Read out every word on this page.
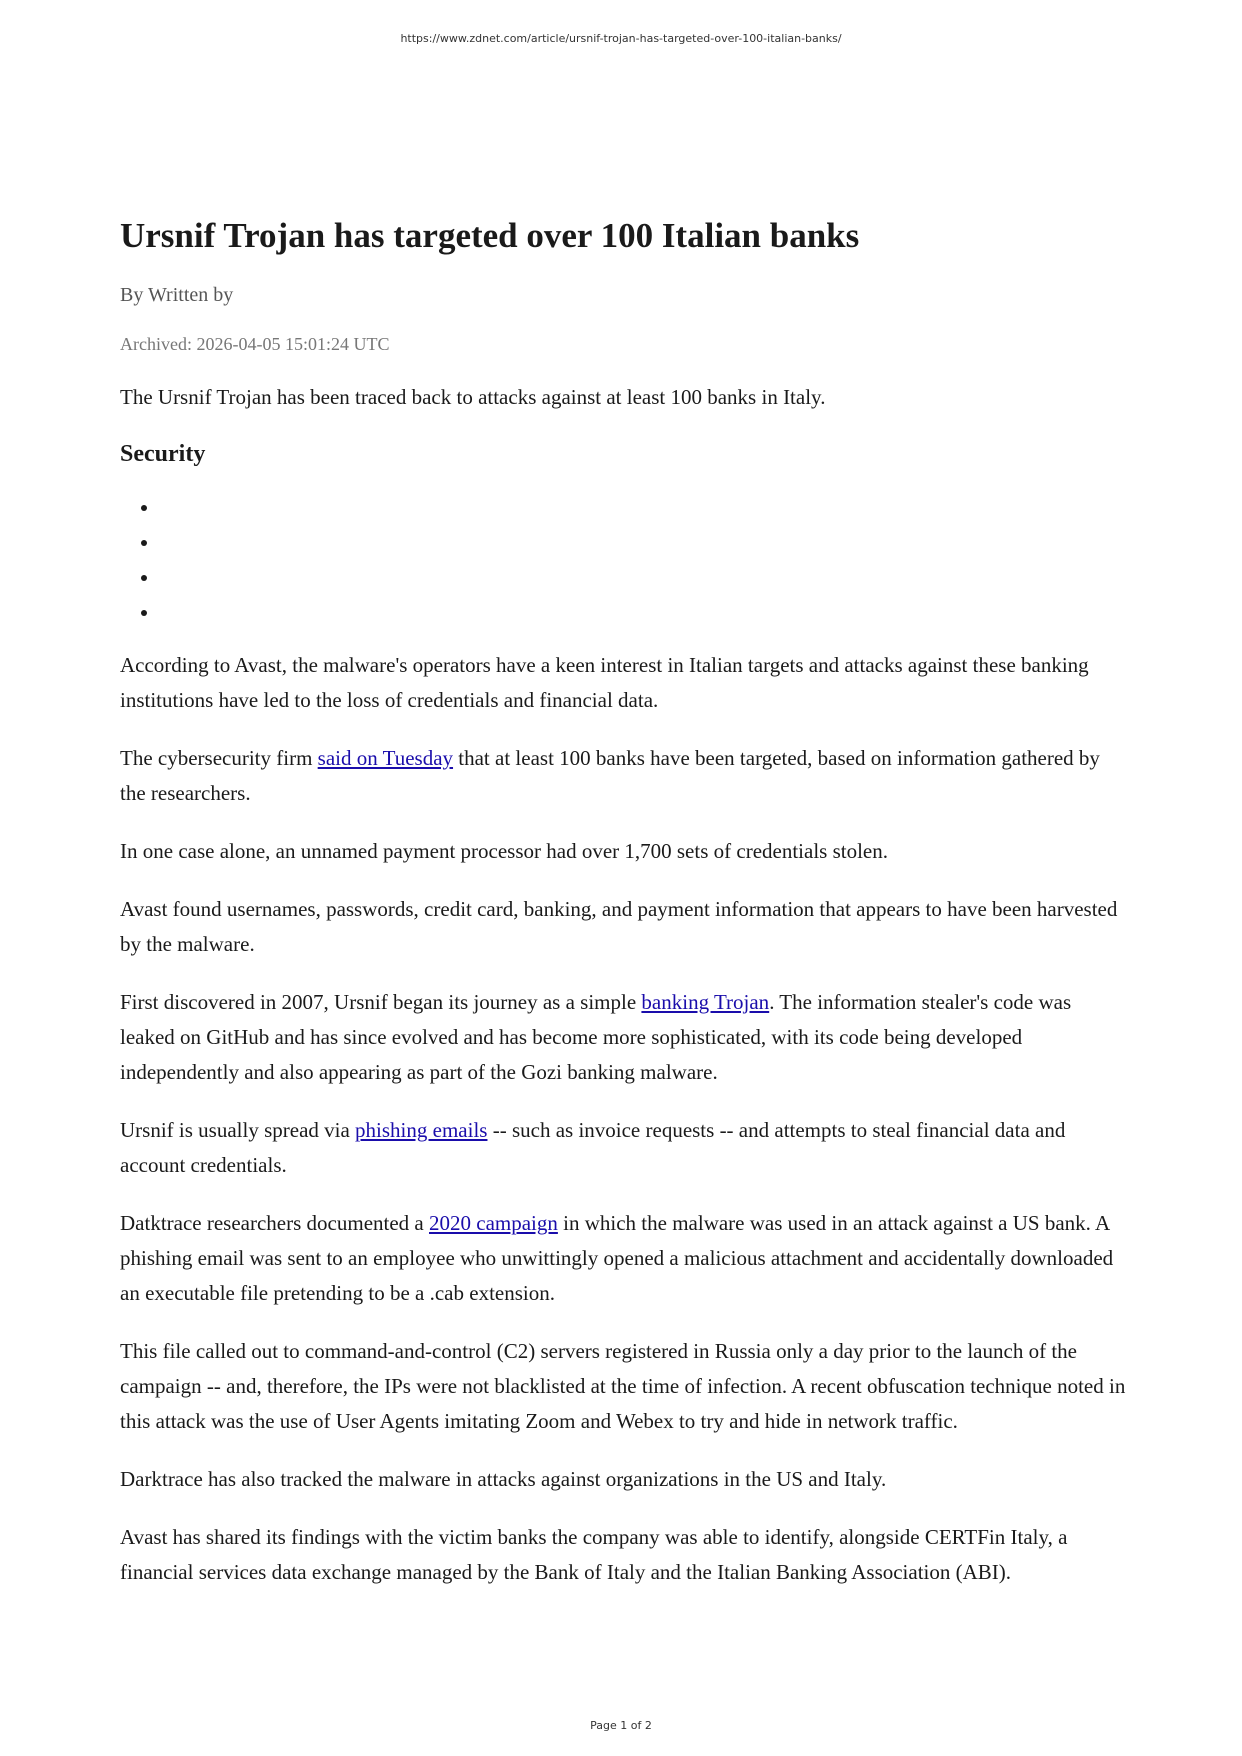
https://www.zdnet.com/article/ursnif-trojan-has-targeted-over-100-italian-banks/

Ursnif Trojan has targeted over 100 Italian banks

By Written by

Archived: 2026-04-05 15:01:24 UTC

The Ursnif Trojan has been traced back to attacks against at least 100 banks in Italy.

Security
•
•
•
•

According to Avast, the malware's operators have a keen interest in Italian targets and attacks against these banking institutions have led to the loss of credentials and financial data.

The cybersecurity firm said on Tuesday that at least 100 banks have been targeted, based on information gathered by the researchers.

In one case alone, an unnamed payment processor had over 1,700 sets of credentials stolen.

Avast found usernames, passwords, credit card, banking, and payment information that appears to have been harvested by the malware.

First discovered in 2007, Ursnif began its journey as a simple banking Trojan. The information stealer's code was leaked on GitHub and has since evolved and has become more sophisticated, with its code being developed independently and also appearing as part of the Gozi banking malware.

Ursnif is usually spread via phishing emails -- such as invoice requests -- and attempts to steal financial data and account credentials.

Datktrace researchers documented a 2020 campaign in which the malware was used in an attack against a US bank. A phishing email was sent to an employee who unwittingly opened a malicious attachment and accidentally downloaded an executable file pretending to be a .cab extension.

This file called out to command-and-control (C2) servers registered in Russia only a day prior to the launch of the campaign -- and, therefore, the IPs were not blacklisted at the time of infection. A recent obfuscation technique noted in this attack was the use of User Agents imitating Zoom and Webex to try and hide in network traffic.

Darktrace has also tracked the malware in attacks against organizations in the US and Italy.

Avast has shared its findings with the victim banks the company was able to identify, alongside CERTFin Italy, a financial services data exchange managed by the Bank of Italy and the Italian Banking Association (ABI).

Page 1 of 2
